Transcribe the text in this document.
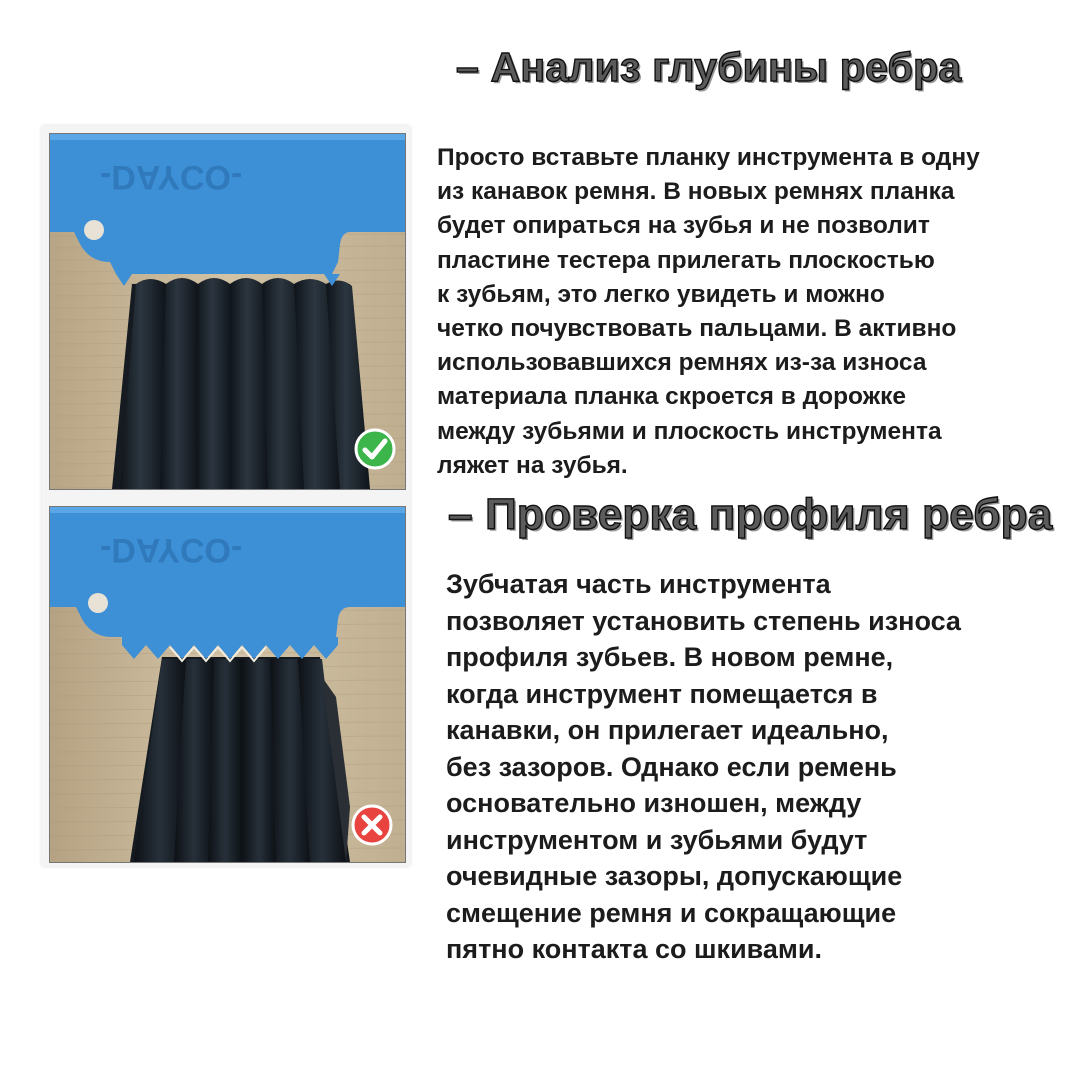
– Анализ глубины ребра

Просто вставьте планку инструмента в одну
из канавок ремня. В новых ремнях планка
будет опираться на зубья и не позволит
пластине тестера прилегать плоскостью
к зубьям, это легко увидеть и можно
четко почувствовать пальцами. В активно
использовавшихся ремнях из-за износа
материала планка скроется в дорожке
между зубьями и плоскость инструмента
ляжет на зубья.

– Проверка профиля ребра

Зубчатая часть инструмента
позволяет установить степень износа
профиля зубьев. В новом ремне,
когда инструмент помещается в
канавки, он прилегает идеально,
без зазоров. Однако если ремень
основательно изношен, между
инструментом и зубьями будут
очевидные зазоры, допускающие
смещение ремня и сокращающие
пятно контакта со шкивами.

-DAYCO-
-DAYCO-
